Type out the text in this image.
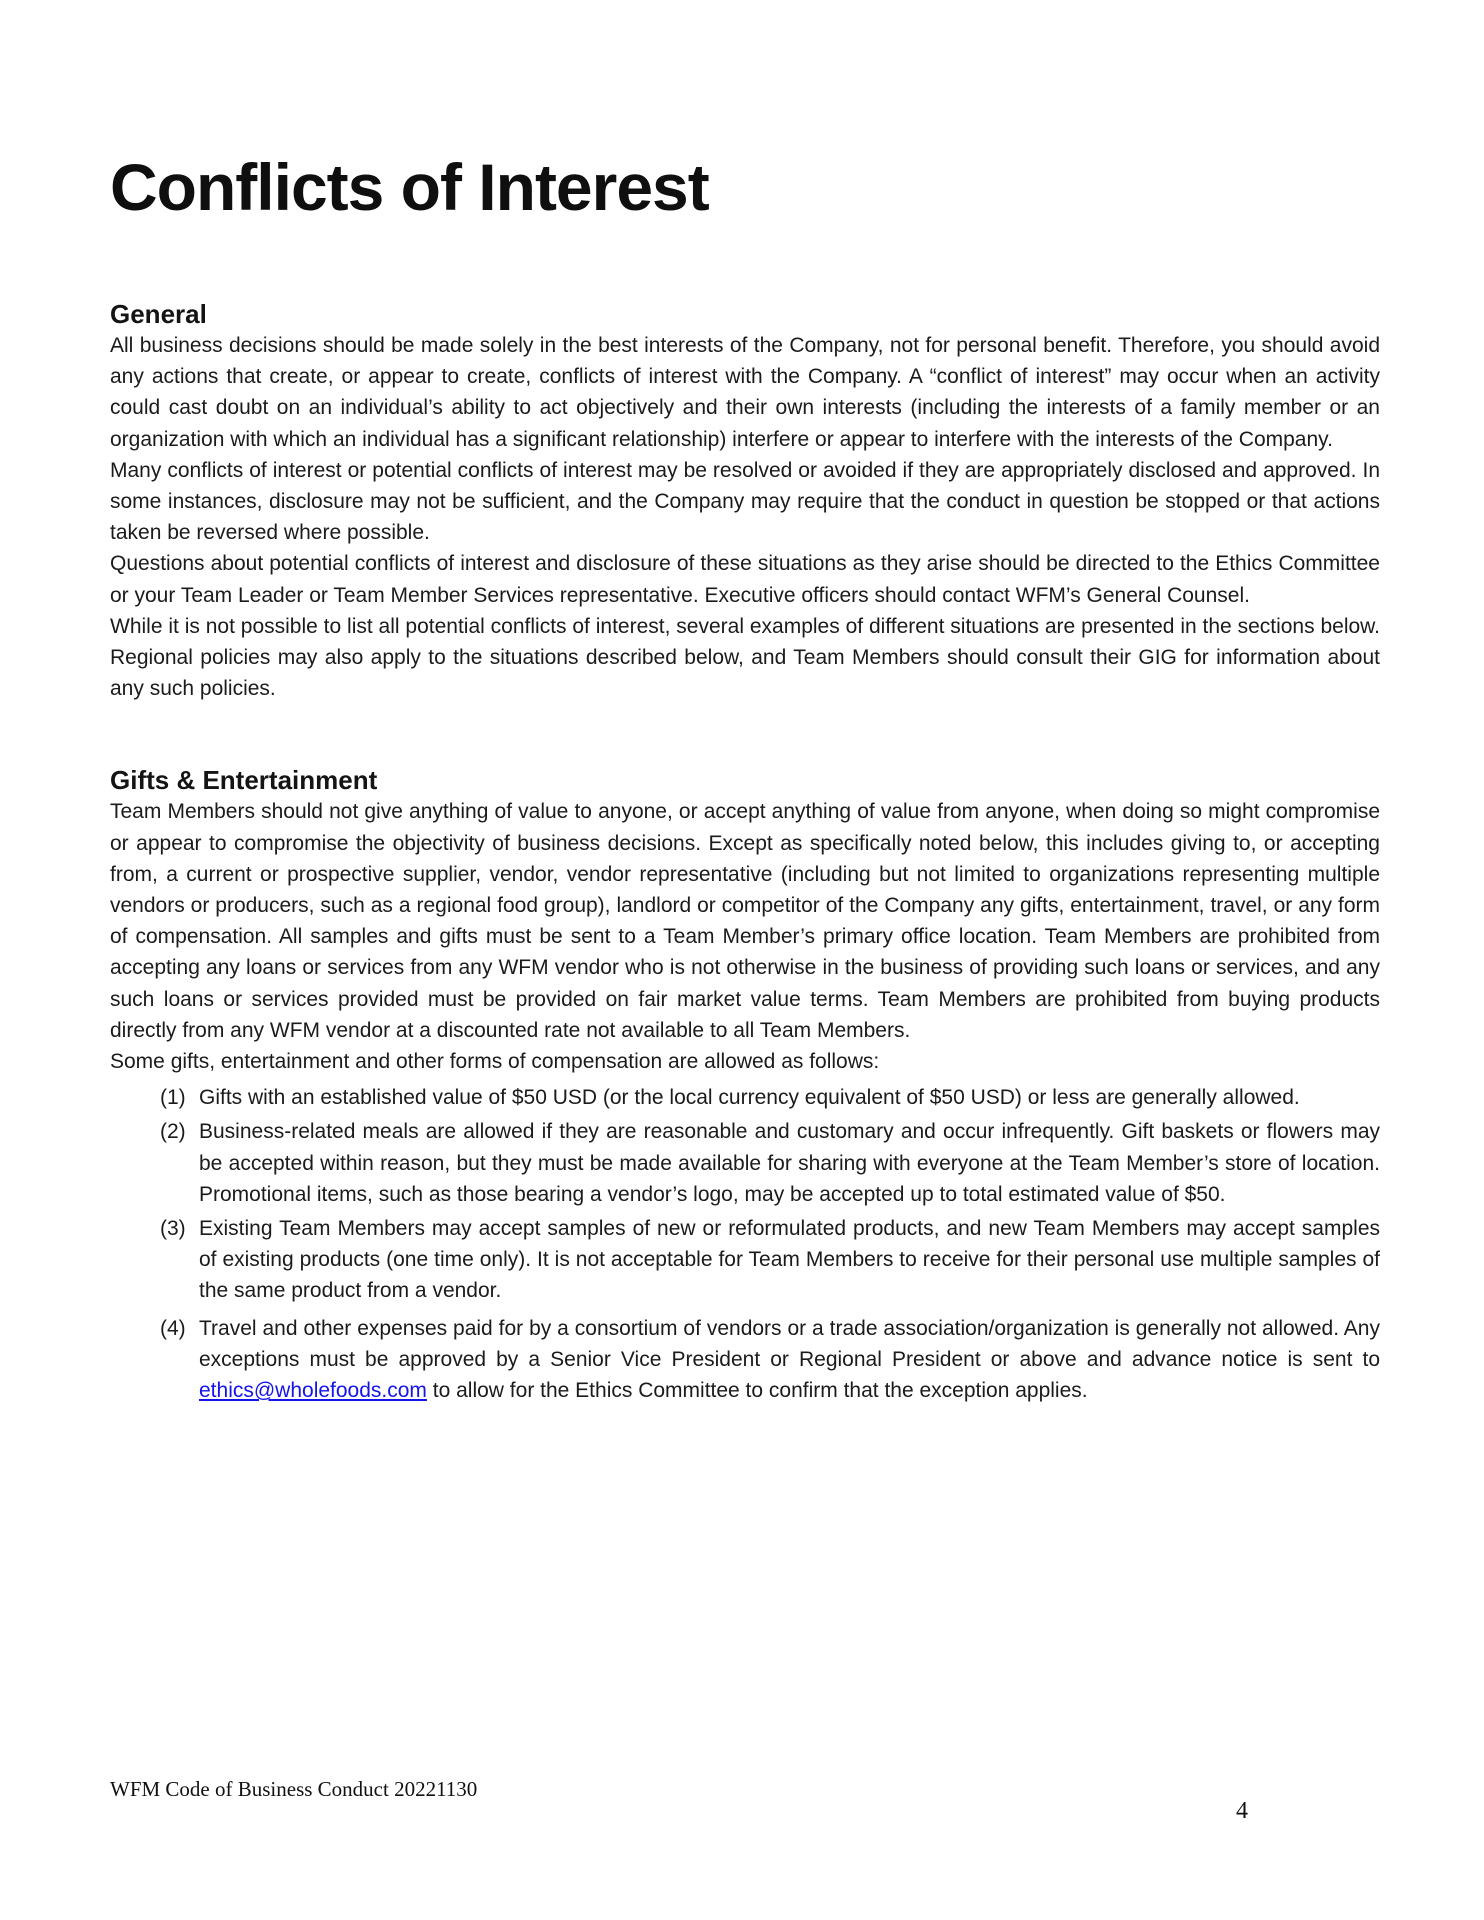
Conflicts of Interest
General

All business decisions should be made solely in the best interests of the Company, not for personal benefit. Therefore, you should avoid any actions that create, or appear to create, conflicts of interest with the Company. A “conflict of interest” may occur when an activity could cast doubt on an individual’s ability to act objectively and their own interests (including the interests of a family member or an organization with which an individual has a significant relationship) interfere or appear to interfere with the interests of the Company.

Many conflicts of interest or potential conflicts of interest may be resolved or avoided if they are appropriately disclosed and approved. In some instances, disclosure may not be sufficient, and the Company may require that the conduct in question be stopped or that actions taken be reversed where possible.

Questions about potential conflicts of interest and disclosure of these situations as they arise should be directed to the Ethics Committee or your Team Leader or Team Member Services representative. Executive officers should contact WFM’s General Counsel.

While it is not possible to list all potential conflicts of interest, several examples of different situations are presented in the sections below. Regional policies may also apply to the situations described below, and Team Members should consult their GIG for information about any such policies.

Gifts & Entertainment

Team Members should not give anything of value to anyone, or accept anything of value from anyone, when doing so might compromise or appear to compromise the objectivity of business decisions. Except as specifically noted below, this includes giving to, or accepting from, a current or prospective supplier, vendor, vendor representative (including but not limited to organizations representing multiple vendors or producers, such as a regional food group), landlord or competitor of the Company any gifts, entertainment, travel, or any form of compensation. All samples and gifts must be sent to a Team Member’s primary office location. Team Members are prohibited from accepting any loans or services from any WFM vendor who is not otherwise in the business of providing such loans or services, and any such loans or services provided must be provided on fair market value terms. Team Members are prohibited from buying products directly from any WFM vendor at a discounted rate not available to all Team Members.

Some gifts, entertainment and other forms of compensation are allowed as follows:

(1) Gifts with an established value of $50 USD (or the local currency equivalent of $50 USD) or less are generally allowed.
(2) Business-related meals are allowed if they are reasonable and customary and occur infrequently. Gift baskets or flowers may be accepted within reason, but they must be made available for sharing with everyone at the Team Member’s store of location. Promotional items, such as those bearing a vendor’s logo, may be accepted up to total estimated value of $50.
(3) Existing Team Members may accept samples of new or reformulated products, and new Team Members may accept samples of existing products (one time only). It is not acceptable for Team Members to receive for their personal use multiple samples of the same product from a vendor.
(4) Travel and other expenses paid for by a consortium of vendors or a trade association/organization is generally not allowed. Any exceptions must be approved by a Senior Vice President or Regional President or above and advance notice is sent to ethics@wholefoods.com to allow for the Ethics Committee to confirm that the exception applies.
WFM Code of Business Conduct 20221130
4
